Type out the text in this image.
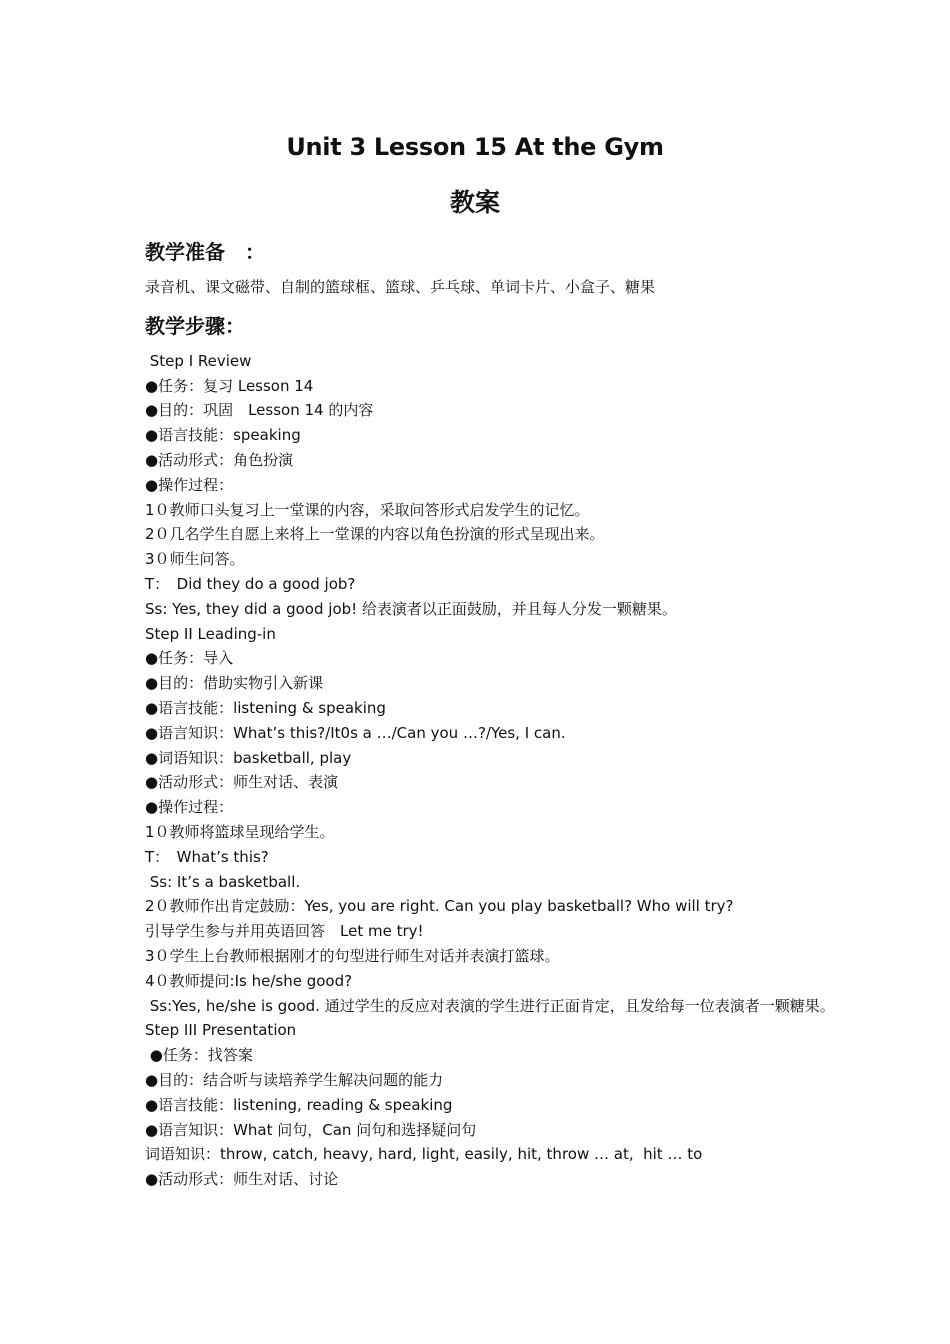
Unit 3 Lesson 15 At the Gym
教案
教学准备　：
录音机、课文磁带、自制的篮球框、篮球、乒乓球、单词卡片、小盒子、糖果
教学步骤：
Step I Review
●任务：复习 Lesson 14
●目的：巩固　Lesson 14 的内容
●语言技能：speaking
●活动形式：角色扮演
●操作过程：
1０教师口头复习上一堂课的内容，采取问答形式启发学生的记忆。
2０几名学生自愿上来将上一堂课的内容以角色扮演的形式呈现出来。
3０师生问答。
T：　Did they do a good job?
Ss: Yes, they did a good job! 给表演者以正面鼓励，并且每人分发一颗糖果。
Step II Leading-in
●任务：导入
●目的：借助实物引入新课
●语言技能：listening & speaking
●语言知识：What’s this?/It0s a …/Can you …?/Yes, I can.
●词语知识：basketball, play
●活动形式：师生对话、表演
●操作过程：
1０教师将篮球呈现给学生。
T：　What’s this?
Ss: It’s a basketball.
2０教师作出肯定鼓励：Yes, you are right. Can you play basketball? Who will try?
引导学生参与并用英语回答　Let me try!
3０学生上台教师根据刚才的句型进行师生对话并表演打篮球。
4０教师提问:Is he/she good?
Ss:Yes, he/she is good. 通过学生的反应对表演的学生进行正面肯定，且发给每一位表演者一颗糖果。
Step III Presentation
●任务：找答案
●目的：结合听与读培养学生解决问题的能力
●语言技能：listening, reading & speaking
●语言知识：What 问句，Can 问句和选择疑问句
词语知识：throw, catch, heavy, hard, light, easily, hit, throw … at,  hit … to
●活动形式：师生对话、讨论
